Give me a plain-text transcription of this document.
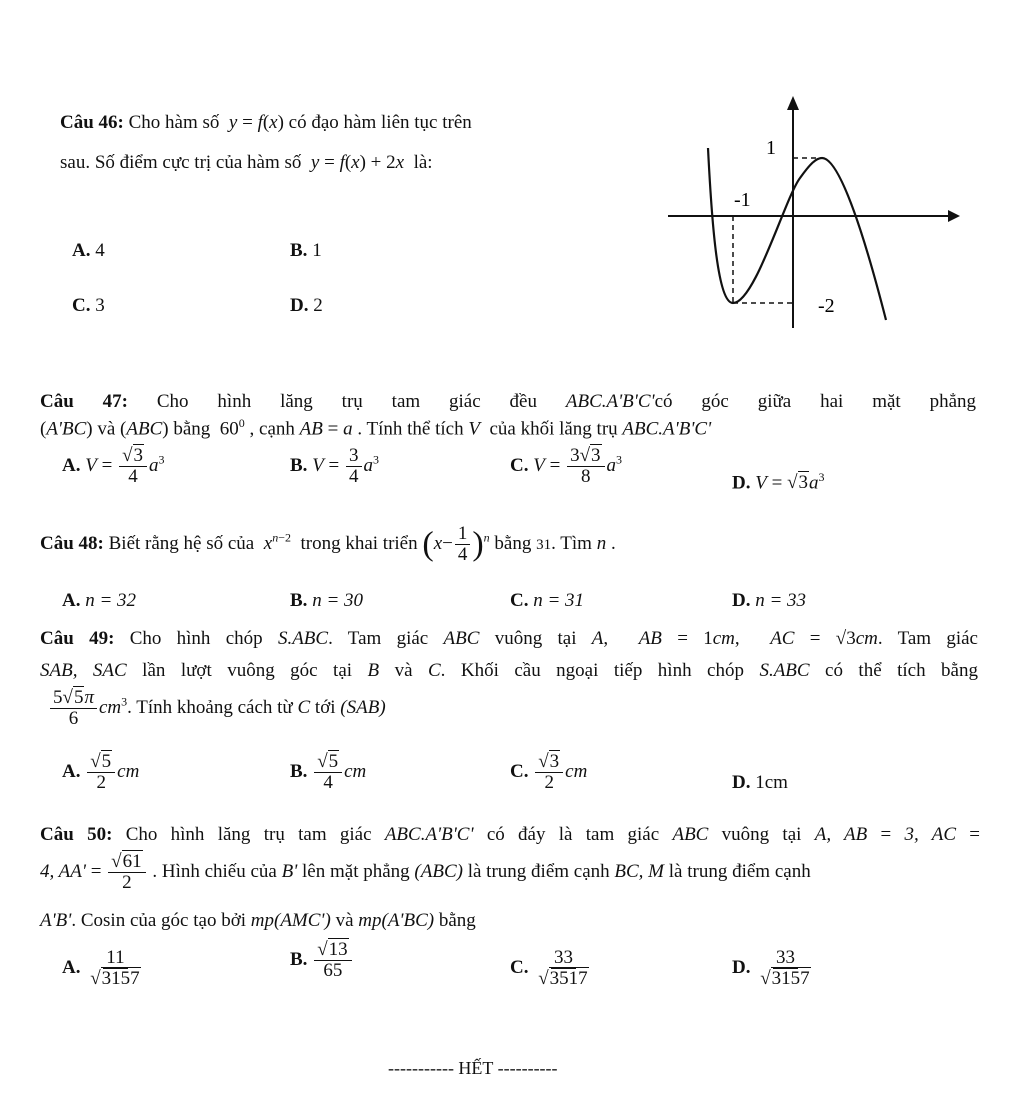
Câu 46: Cho hàm số  y = f(x) có đạo hàm liên tục trên
sau. Số điểm cực trị của hàm số  y = f(x) + 2x  là:
A. 4	B. 1
C. 3	D. 2
1
-1
-2
Câu 47: Cho hình lăng trụ tam giác đều ABC.A'B'C'có góc giữa hai mặt phẳng
(A'BC) và (ABC) bằng  $60^0$ , cạnh AB = a . Tính thể tích V  của khối lăng trụ ABC.A'B'C'
A. $V = \frac{√3}{4} a^3$	B. $V = \frac{3}{4} a^3$	C. $V = \frac{3√3}{8} a^3$
D. $V = √3a^3$
Câu 48: Biết rằng hệ số của  $x^{n-2}$  trong khai triển $(x- \frac{1}{4} )^n$ bằng 31. Tìm n .
A. n = 32	B. n = 30	C. n = 31	D. n = 33
Câu 49: Cho hình chóp S.ABC. Tam giác ABC vuông tại A,  AB = 1cm,  AC = √3cm. Tam giác
SAB, SAC lần lượt vuông góc tại B và C. Khối cầu ngoại tiếp hình chóp S.ABC có thể tích bằng
$\frac{5√5\pi}{6} cm^3$. Tính khoảng cách từ C tới (SAB)
A. $\frac{√5}{2}$ cm	B. $\frac{√5}{4}$ cm	C. $\frac{√3}{2}$ cm
D. 1cm
Câu 50: Cho hình lăng trụ tam giác ABC.A'B'C' có đáy là tam giác ABC vuông tại A, AB = 3, AC =
4, $AA' = \frac{√61}{2}$ . Hình chiếu của B' lên mặt phẳng (ABC) là trung điểm cạnh BC, M là trung điểm cạnh
A'B'. Cosin của góc tạo bởi mp(AMC') và mp(A'BC) bằng
A. $\frac{11}{√3157}$	B. $\frac{√13}{65}$	C. $\frac{33}{√3517}$	D. $\frac{33}{√3157}$
----------- HẾT ----------
